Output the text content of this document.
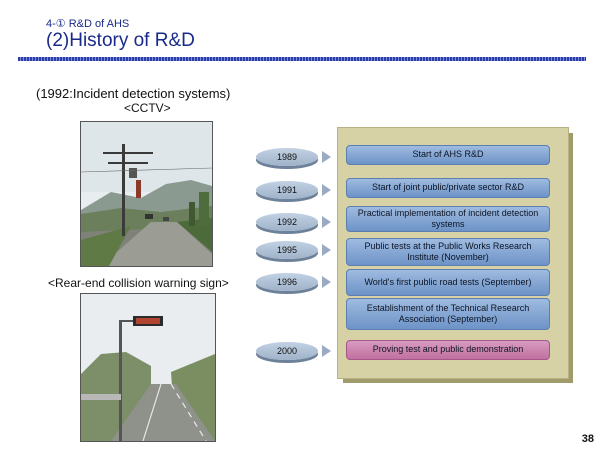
4-① R&D of AHS
(2)History of R&D
(1992:Incident detection systems)
<CCTV>
<Rear-end collision warning sign>
1989
1991
1992
1995
1996
2000
Start of AHS R&D
Start of joint public/private sector R&D
Practical implementation of incident detection systems
Public tests at the Public Works Research Institute (November)
World's first public road tests (September)
Establishment of the Technical Research Association (September)
Proving test and public demonstration
38
